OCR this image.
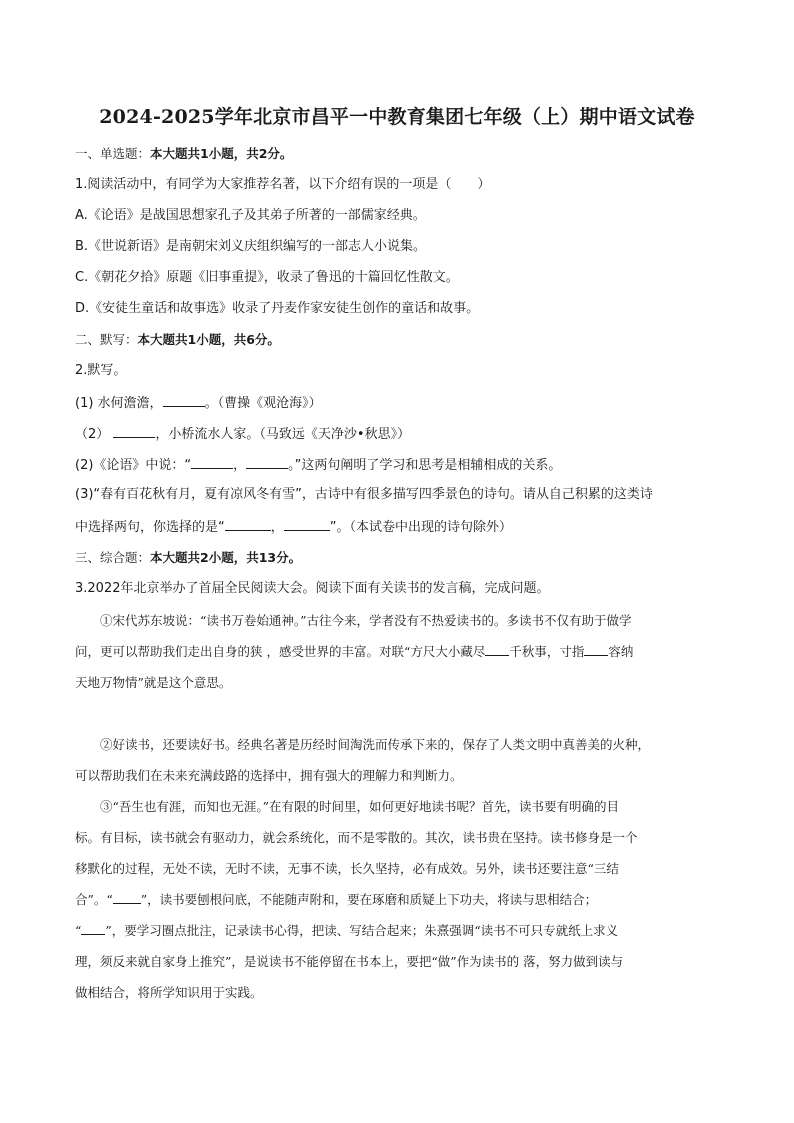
2024-2025学年北京市昌平一中教育集团七年级（上）期中语文试卷
一、单选题：本大题共1小题，共2分。
1.阅读活动中，有同学为大家推荐名著，以下介绍有误的一项是（　　）
A.《论语》是战国思想家孔子及其弟子所著的一部儒家经典。
B.《世说新语》是南朝宋刘义庆组织编写的一部志人小说集。
C.《朝花夕拾》原题《旧事重提》，收录了鲁迅的十篇回忆性散文。
D.《安徒生童话和故事选》收录了丹麦作家安徒生创作的童话和故事。
二、默写：本大题共1小题，共6分。
2.默写。
(1) 水何澹澹，	。（曹操《观沧海》）
（2）	，小桥流水人家。（马致远《天净沙•秋思》）
(2)《论语》中说：“	，	。”这两句阐明了学习和思考是相辅相成的关系。
(3)“春有百花秋有月，夏有凉风冬有雪”，古诗中有很多描写四季景色的诗句。请从自己积累的这类诗
中选择两句，你选择的是“	，	”。（本试卷中出现的诗句除外）
三、综合题：本大题共2小题，共13分。
3.2022年北京举办了首届全民阅读大会。阅读下面有关读书的发言稿，完成问题。
　　①宋代苏东坡说：“读书万卷始通神。”古往今来，学者没有不热爱读书的。多读书不仅有助于做学
问，更可以帮助我们走出自身的狭 ，感受世界的丰富。对联“方尺大小藏尽 千秋事，寸指 容纳
天地万物情”就是这个意思。
　　②好读书，还要读好书。经典名著是历经时间淘洗而传承下来的，保存了人类文明中真善美的火种，
可以帮助我们在未来充满歧路的选择中，拥有强大的理解力和判断力。
　　③“吾生也有涯，而知也无涯。”在有限的时间里，如何更好地读书呢？首先，读书要有明确的目
标。有目标，读书就会有驱动力，就会系统化，而不是零散的。其次，读书贵在坚持。读书修身是一个
移默化的过程，无处不读，无时不读，无事不读，长久坚持，必有成效。另外，读书还要注意“三结
合”。“ ”，读书要刨根问底，不能随声附和，要在琢磨和质疑上下功夫，将读与思相结合；
“ ”，要学习圈点批注，记录读书心得，把读、写结合起来；朱熹强调“读书不可只专就纸上求义
理，须反来就自家身上推究”，是说读书不能停留在书本上，要把“做”作为读书的 落，努力做到读与
做相结合，将所学知识用于实践。
